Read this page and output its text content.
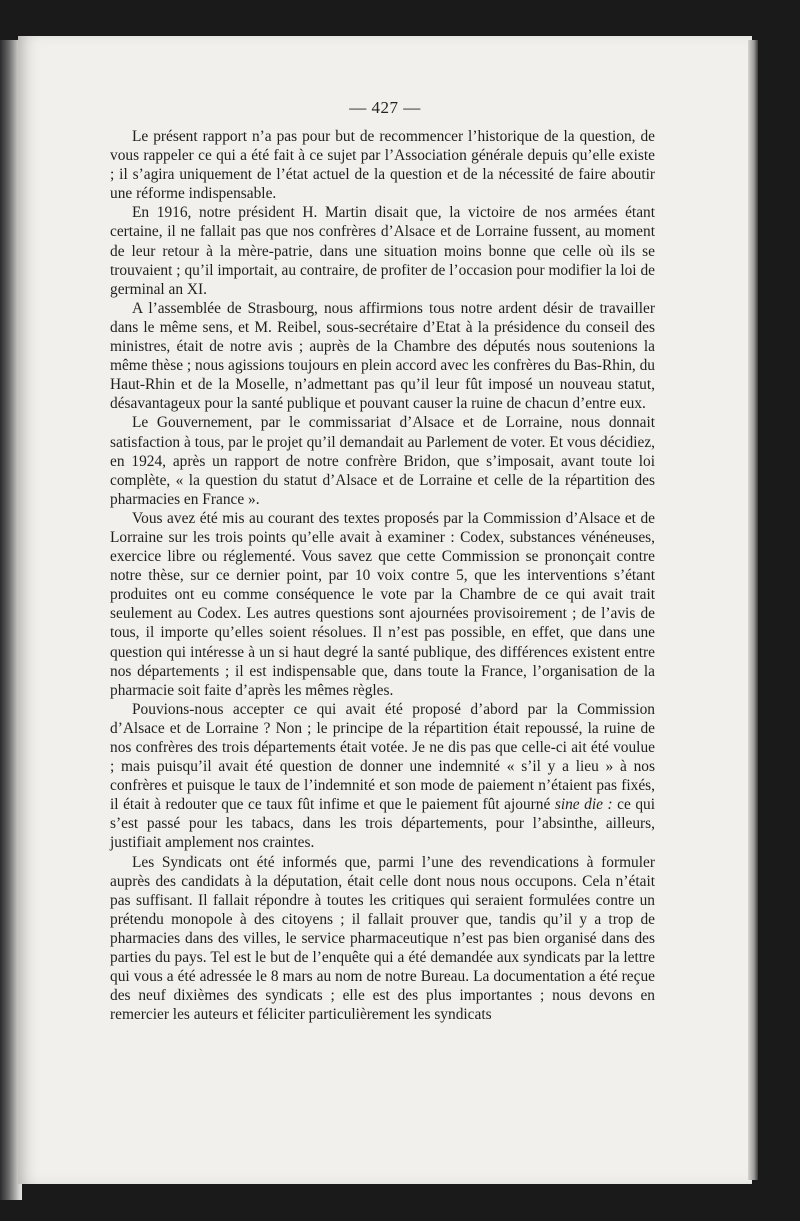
— 427 —

Le présent rapport n’a pas pour but de recommencer l’historique de la question, de vous rappeler ce qui a été fait à ce sujet par l’Association générale depuis qu’elle existe ; il s’agira uniquement de l’état actuel de la question et de la nécessité de faire aboutir une réforme indispensable.

En 1916, notre président H. Martin disait que, la victoire de nos armées étant certaine, il ne fallait pas que nos confrères d’Alsace et de Lorraine fussent, au moment de leur retour à la mère-patrie, dans une situation moins bonne que celle où ils se trouvaient ; qu’il importait, au contraire, de profiter de l’occasion pour modifier la loi de germinal an XI.

A l’assemblée de Strasbourg, nous affirmions tous notre ardent désir de travailler dans le même sens, et M. Reibel, sous-secrétaire d’Etat à la présidence du conseil des ministres, était de notre avis ; auprès de la Chambre des députés nous soutenions la même thèse ; nous agissions toujours en plein accord avec les confrères du Bas-Rhin, du Haut-Rhin et de la Moselle, n’admettant pas qu’il leur fût imposé un nouveau statut, désavantageux pour la santé publique et pouvant causer la ruine de chacun d’entre eux.

Le Gouvernement, par le commissariat d’Alsace et de Lorraine, nous donnait satisfaction à tous, par le projet qu’il demandait au Parlement de voter. Et vous décidiez, en 1924, après un rapport de notre confrère Bridon, que s’imposait, avant toute loi complète, « la question du statut d’Alsace et de Lorraine et celle de la répartition des pharmacies en France ».

Vous avez été mis au courant des textes proposés par la Commission d’Alsace et de Lorraine sur les trois points qu’elle avait à examiner : Codex, substances vénéneuses, exercice libre ou réglementé. Vous savez que cette Commission se prononçait contre notre thèse, sur ce dernier point, par 10 voix contre 5, que les interventions s’étant produites ont eu comme conséquence le vote par la Chambre de ce qui avait trait seulement au Codex. Les autres questions sont ajournées provisoirement ; de l’avis de tous, il importe qu’elles soient résolues. Il n’est pas possible, en effet, que dans une question qui intéresse à un si haut degré la santé publique, des différences existent entre nos départements ; il est indispensable que, dans toute la France, l’organisation de la pharmacie soit faite d’après les mêmes règles.

Pouvions-nous accepter ce qui avait été proposé d’abord par la Commission d’Alsace et de Lorraine ? Non ; le principe de la répartition était repoussé, la ruine de nos confrères des trois départements était votée. Je ne dis pas que celle-ci ait été voulue ; mais puisqu’il avait été question de donner une indemnité « s’il y a lieu » à nos confrères et puisque le taux de l’indemnité et son mode de paiement n’étaient pas fixés, il était à redouter que ce taux fût infime et que le paiement fût ajourné sine die : ce qui s’est passé pour les tabacs, dans les trois départements, pour l’absinthe, ailleurs, justifiait amplement nos craintes.

Les Syndicats ont été informés que, parmi l’une des revendications à formuler auprès des candidats à la députation, était celle dont nous nous occupons. Cela n’était pas suffisant. Il fallait répondre à toutes les critiques qui seraient formulées contre un prétendu monopole à des citoyens ; il fallait prouver que, tandis qu’il y a trop de pharmacies dans des villes, le service pharmaceutique n’est pas bien organisé dans des parties du pays. Tel est le but de l’enquête qui a été demandée aux syndicats par la lettre qui vous a été adressée le 8 mars au nom de notre Bureau. La documentation a été reçue des neuf dixièmes des syndicats ; elle est des plus importantes ; nous devons en remercier les auteurs et féliciter particulièrement les syndicats
